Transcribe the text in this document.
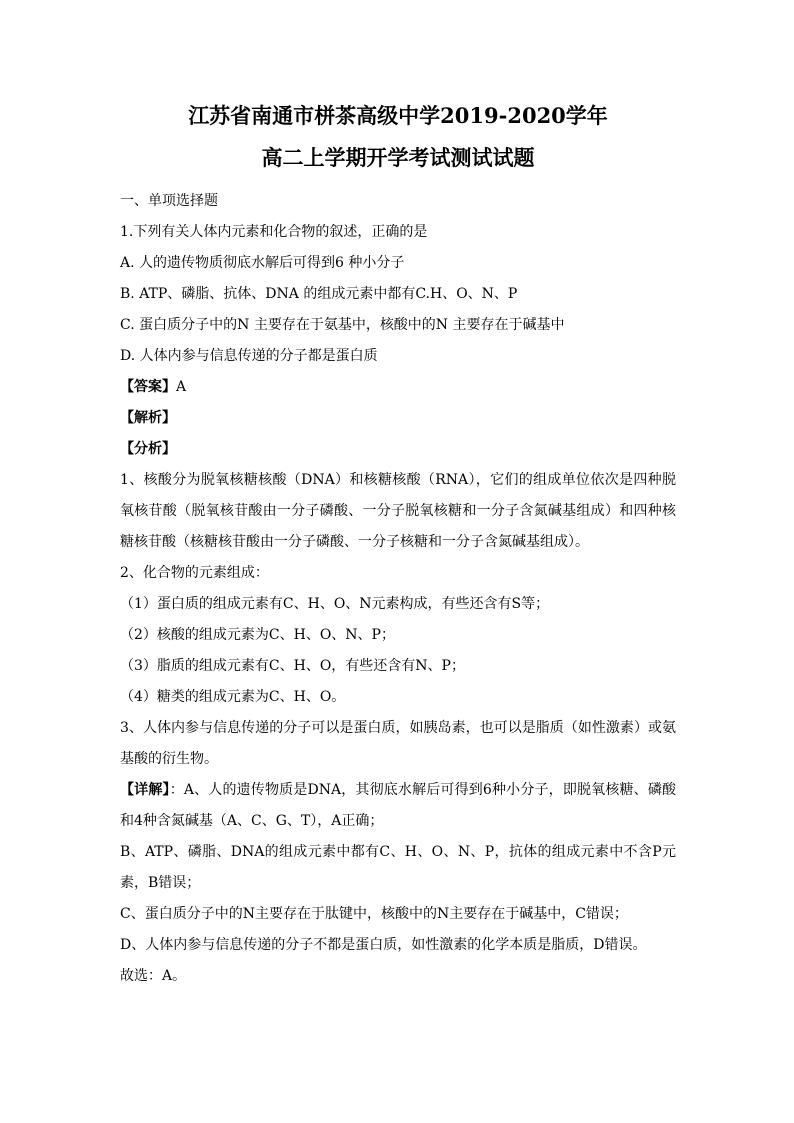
江苏省南通市栟茶高级中学2019-2020学年
高二上学期开学考试测试试题

一、单项选择题

1.下列有关人体内元素和化合物的叙述，正确的是

A. 人的遗传物质彻底水解后可得到6 种小分子

B. ATP、磷脂、抗体、DNA 的组成元素中都有C.H、O、N、P

C. 蛋白质分子中的N 主要存在于氨基中，核酸中的N 主要存在于碱基中

D. 人体内参与信息传递的分子都是蛋白质

【答案】A

【解析】

【分析】

1、核酸分为脱氧核糖核酸（DNA）和核糖核酸（RNA），它们的组成单位依次是四种脱氧核苷酸（脱氧核苷酸由一分子磷酸、一分子脱氧核糖和一分子含氮碱基组成）和四种核糖核苷酸（核糖核苷酸由一分子磷酸、一分子核糖和一分子含氮碱基组成）。

2、化合物的元素组成：

（1）蛋白质的组成元素有C、H、O、N元素构成，有些还含有S等；

（2）核酸的组成元素为C、H、O、N、P；

（3）脂质的组成元素有C、H、O，有些还含有N、P；

（4）糖类的组成元素为C、H、O。

3、人体内参与信息传递的分子可以是蛋白质，如胰岛素，也可以是脂质（如性激素）或氨基酸的衍生物。

【详解】：A、人的遗传物质是DNA，其彻底水解后可得到6种小分子，即脱氧核糖、磷酸和4种含氮碱基（A、C、G、T），A正确；

B、ATP、磷脂、DNA的组成元素中都有C、H、O、N、P，抗体的组成元素中不含P元素，B错误；

C、蛋白质分子中的N主要存在于肽键中，核酸中的N主要存在于碱基中，C错误；

D、人体内参与信息传递的分子不都是蛋白质，如性激素的化学本质是脂质，D错误。

故选：A。
